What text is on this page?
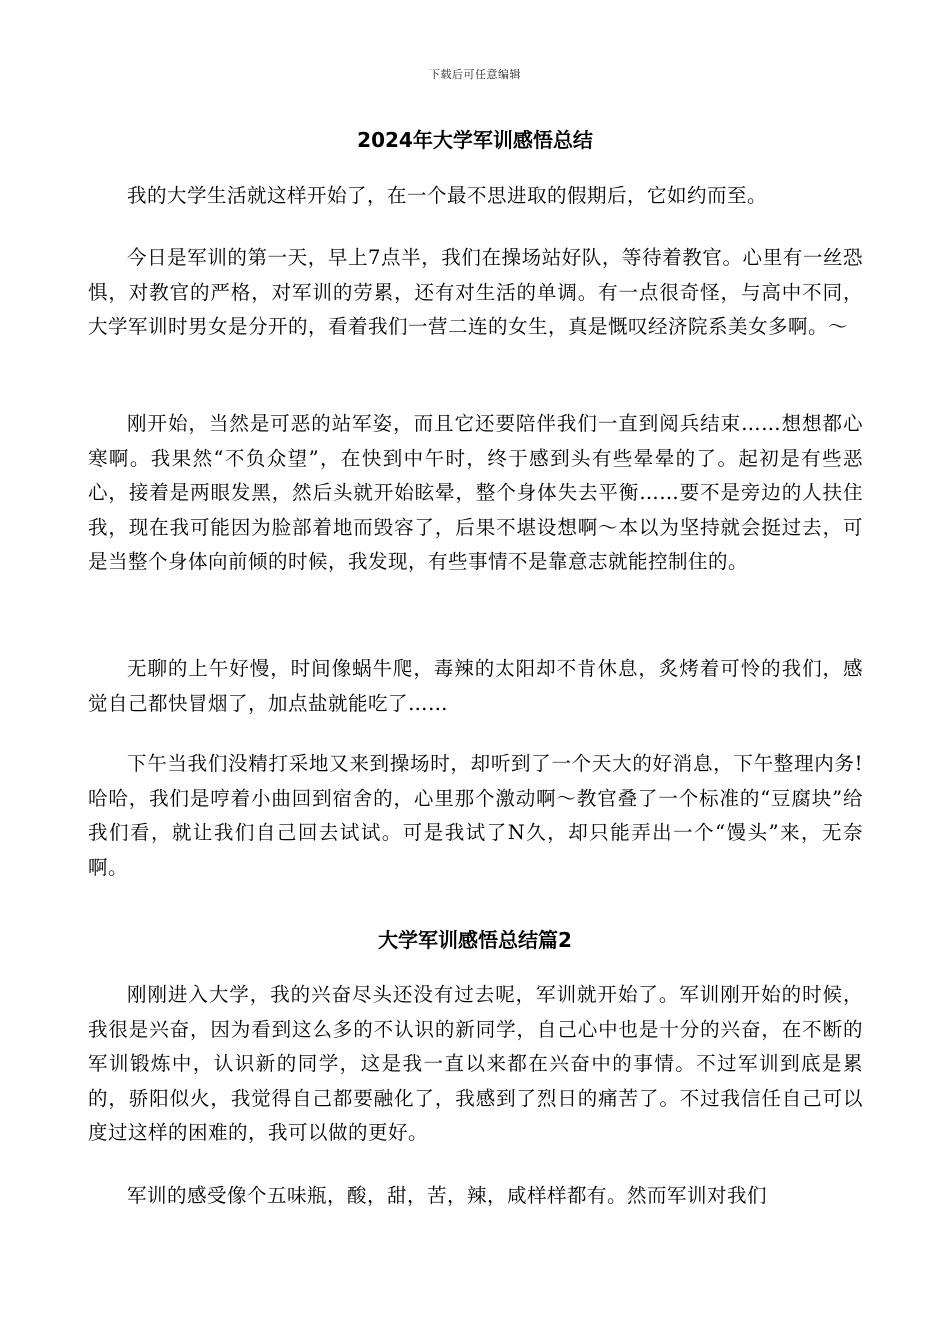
下载后可任意编辑
2024年大学军训感悟总结

我的大学生活就这样开始了，在一个最不思进取的假期后，它如约而至。

今日是军训的第一天，早上7点半，我们在操场站好队，等待着教官。心里有一丝恐惧，对教官的严格，对军训的劳累，还有对生活的单调。有一点很奇怪，与高中不同，大学军训时男女是分开的，看着我们一营二连的女生，真是慨叹经济院系美女多啊。～

刚开始，当然是可恶的站军姿，而且它还要陪伴我们一直到阅兵结束……想想都心寒啊。我果然“不负众望”，在快到中午时，终于感到头有些晕晕的了。起初是有些恶心，接着是两眼发黑，然后头就开始眩晕，整个身体失去平衡……要不是旁边的人扶住我，现在我可能因为脸部着地而毁容了，后果不堪设想啊～本以为坚持就会挺过去，可是当整个身体向前倾的时候，我发现，有些事情不是靠意志就能控制住的。

无聊的上午好慢，时间像蜗牛爬，毒辣的太阳却不肯休息，炙烤着可怜的我们，感觉自己都快冒烟了，加点盐就能吃了……

下午当我们没精打采地又来到操场时，却听到了一个天大的好消息，下午整理内务!哈哈，我们是哼着小曲回到宿舍的，心里那个激动啊～教官叠了一个标准的“豆腐块”给我们看，就让我们自己回去试试。可是我试了N久，却只能弄出一个“馒头”来，无奈啊。

大学军训感悟总结篇2

刚刚进入大学，我的兴奋尽头还没有过去呢，军训就开始了。军训刚开始的时候，我很是兴奋，因为看到这么多的不认识的新同学，自己心中也是十分的兴奋，在不断的军训锻炼中，认识新的同学，这是我一直以来都在兴奋中的事情。不过军训到底是累的，骄阳似火，我觉得自己都要融化了，我感到了烈日的痛苦了。不过我信任自己可以度过这样的困难的，我可以做的更好。

军训的感受像个五味瓶，酸，甜，苦，辣，咸样样都有。然而军训对我们
